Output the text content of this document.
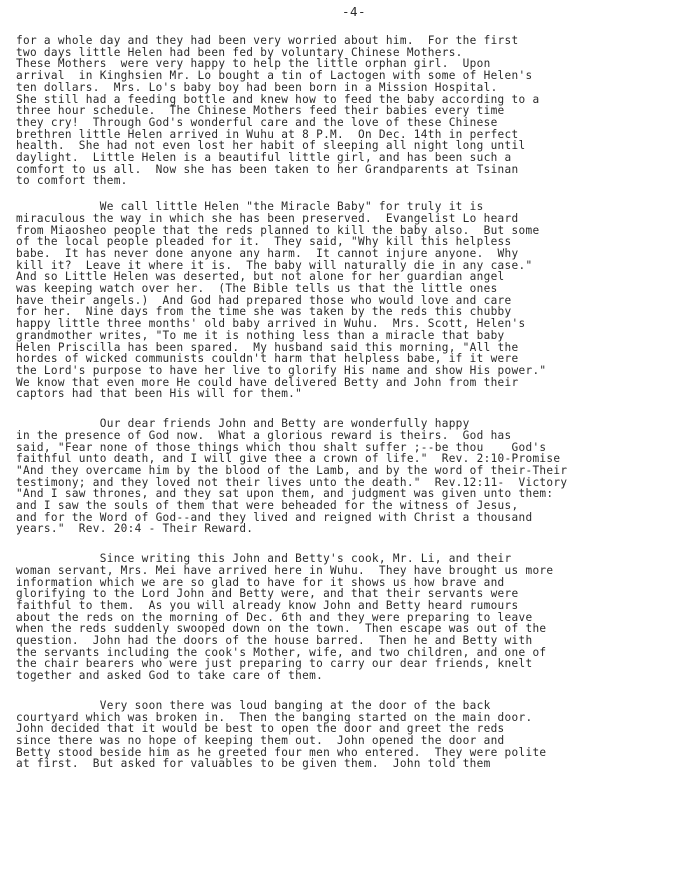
-4-
for a whole day and they had been very worried about him.  For the first
two days little Helen had been fed by voluntary Chinese Mothers.
These Mothers  were very happy to help the little orphan girl.  Upon
arrival  in Kinghsien Mr. Lo bought a tin of Lactogen with some of Helen's
ten dollars.  Mrs. Lo's baby boy had been born in a Mission Hospital.
She still had a feeding bottle and knew how to feed the baby according to a
three hour schedule.  The Chinese Mothers feed their babies every time
they cry!  Through God's wonderful care and the love of these Chinese
brethren little Helen arrived in Wuhu at 8 P.M.  On Dec. 14th in perfect
health.  She had not even lost her habit of sleeping all night long until
daylight.  Little Helen is a beautiful little girl, and has been such a
comfort to us all.  Now she has been taken to her Grandparents at Tsinan
to comfort them.
We call little Helen "the Miracle Baby" for truly it is
miraculous the way in which she has been preserved.  Evangelist Lo heard
from Miaosheo people that the reds planned to kill the baby also.  But some
of the local people pleaded for it.  They said, "Why kill this helpless
babe.  It has never done anyone any harm.  It cannot injure anyone.  Why
kill it?  Leave it where it is.  The baby will naturally die in any case."
And so Little Helen was deserted, but not alone for her guardian angel
was keeping watch over her.  (The Bible tells us that the little ones
have their angels.)  And God had prepared those who would love and care
for her.  Nine days from the time she was taken by the reds this chubby
happy little three months' old baby arrived in Wuhu.  Mrs. Scott, Helen's
grandmother writes, "To me it is nothing less than a miracle that baby
Helen Priscilla has been spared.  My husband said this morning, "All the
hordes of wicked communists couldn't harm that helpless babe, if it were
the Lord's purpose to have her live to glorify His name and show His power."
We know that even more He could have delivered Betty and John from their
captors had that been His will for them."
Our dear friends John and Betty are wonderfully happy
in the presence of God now.  What a glorious reward is theirs.  God has
said, "Fear none of those things which thou shalt suffer ;--be thou    God's
faithful unto death, and I will give thee a crown of life."  Rev. 2:10-Promise
"And they overcame him by the blood of the Lamb, and by the word of their-Their
testimony; and they loved not their lives unto the death."  Rev.12:11-  Victory
"And I saw thrones, and they sat upon them, and judgment was given unto them:
and I saw the souls of them that were beheaded for the witness of Jesus,
and for the Word of God--and they lived and reigned with Christ a thousand
years."  Rev. 20:4 - Their Reward.
Since writing this John and Betty's cook, Mr. Li, and their
woman servant, Mrs. Mei have arrived here in Wuhu.  They have brought us more
information which we are so glad to have for it shows us how brave and
glorifying to the Lord John and Betty were, and that their servants were
faithful to them.  As you will already know John and Betty heard rumours
about the reds on the morning of Dec. 6th and they were preparing to leave
when the reds suddenly swooped down on the town.  Then escape was out of the
question.  John had the doors of the house barred.  Then he and Betty with
the servants including the cook's Mother, wife, and two children, and one of
the chair bearers who were just preparing to carry our dear friends, knelt
together and asked God to take care of them.
Very soon there was loud banging at the door of the back
courtyard which was broken in.  Then the banging started on the main door.
John decided that it would be best to open the door and greet the reds
since there was no hope of keeping them out.  John opened the door and
Betty stood beside him as he greeted four men who entered.  They were polite
at first.  But asked for valuables to be given them.  John told them
